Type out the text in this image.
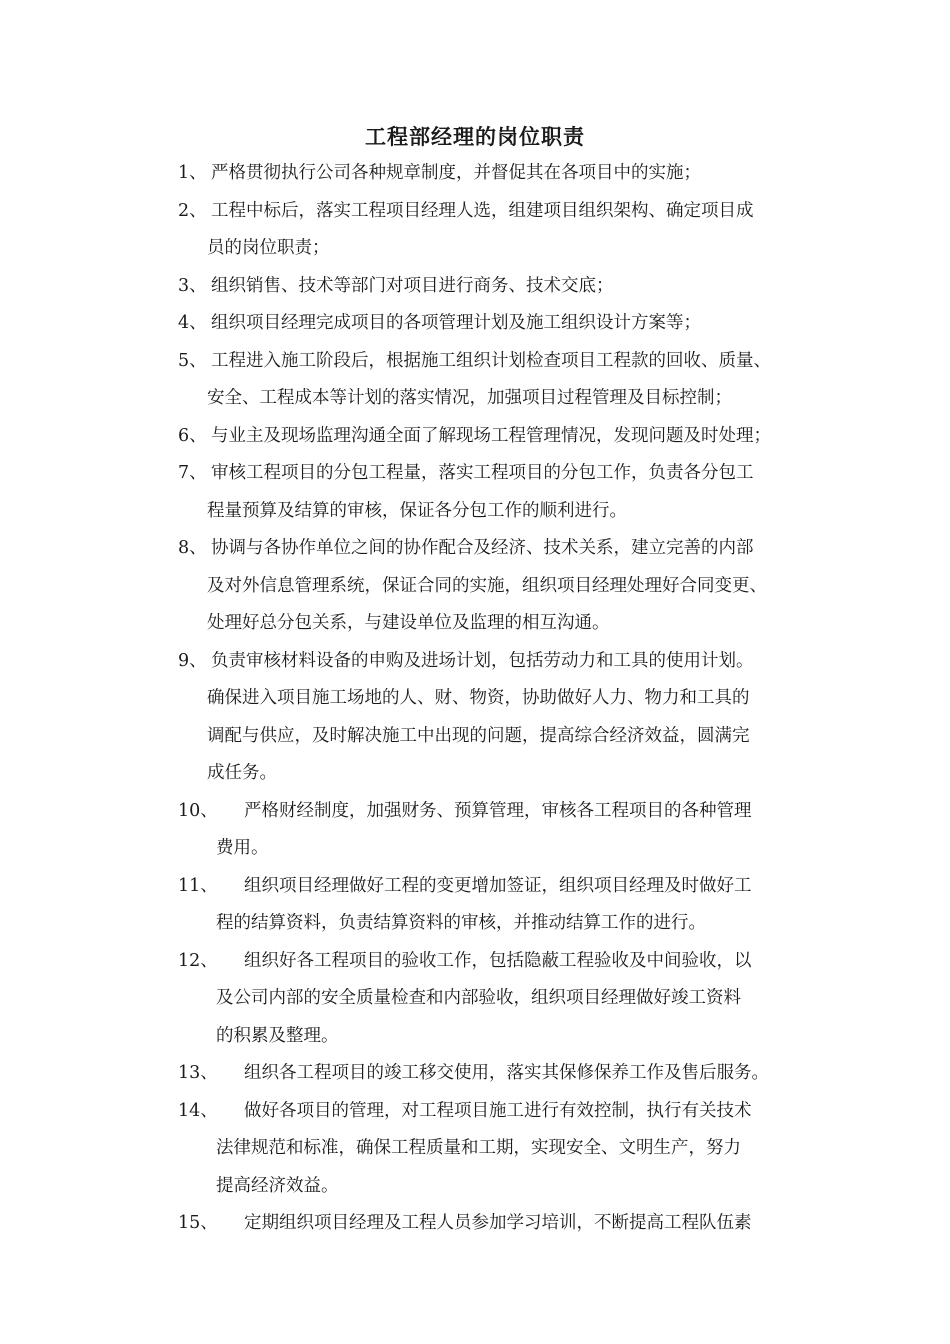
工程部经理的岗位职责
1、 严格贯彻执行公司各种规章制度，并督促其在各项目中的实施；
2、 工程中标后，落实工程项目经理人选，组建项目组织架构、确定项目成
员的岗位职责；
3、 组织销售、技术等部门对项目进行商务、技术交底；
4、 组织项目经理完成项目的各项管理计划及施工组织设计方案等；
5、 工程进入施工阶段后，根据施工组织计划检查项目工程款的回收、质量、
安全、工程成本等计划的落实情况，加强项目过程管理及目标控制；
6、 与业主及现场监理沟通全面了解现场工程管理情况，发现问题及时处理；
7、 审核工程项目的分包工程量，落实工程项目的分包工作，负责各分包工
程量预算及结算的审核，保证各分包工作的顺利进行。
8、 协调与各协作单位之间的协作配合及经济、技术关系，建立完善的内部
及对外信息管理系统，保证合同的实施，组织项目经理处理好合同变更、
处理好总分包关系，与建设单位及监理的相互沟通。
9、 负责审核材料设备的申购及进场计划，包括劳动力和工具的使用计划。
确保进入项目施工场地的人、财、物资，协助做好人力、物力和工具的
调配与供应，及时解决施工中出现的问题，提高综合经济效益，圆满完
成任务。
10、 严格财经制度，加强财务、预算管理，审核各工程项目的各种管理
费用。
11、 组织项目经理做好工程的变更增加签证，组织项目经理及时做好工
程的结算资料，负责结算资料的审核，并推动结算工作的进行。
12、 组织好各工程项目的验收工作，包括隐蔽工程验收及中间验收，以
及公司内部的安全质量检查和内部验收，组织项目经理做好竣工资料
的积累及整理。
13、 组织各工程项目的竣工移交使用，落实其保修保养工作及售后服务。
14、 做好各项目的管理，对工程项目施工进行有效控制，执行有关技术
法律规范和标准，确保工程质量和工期，实现安全、文明生产，努力
提高经济效益。
15、 定期组织项目经理及工程人员参加学习培训，不断提高工程队伍素
